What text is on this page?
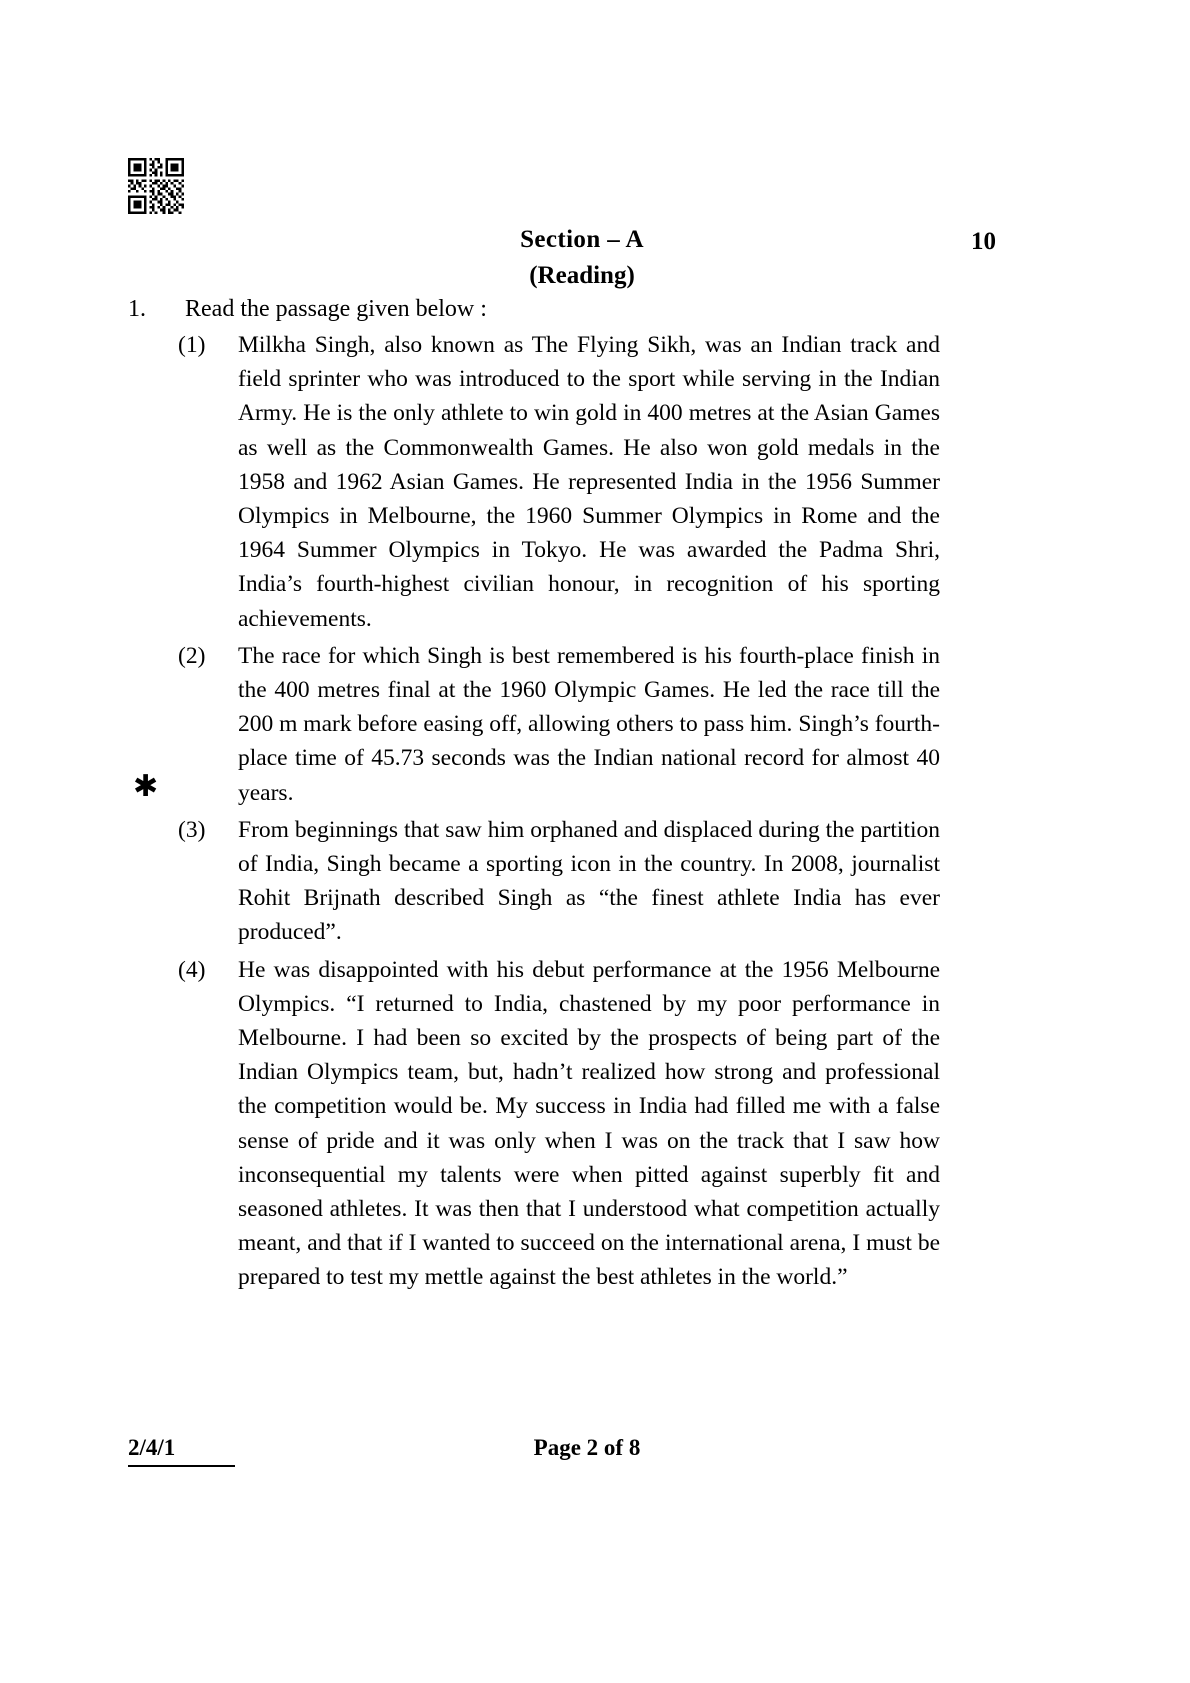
Section – A
(Reading)
10
1.	Read the passage given below :
✱
(1)	Milkha Singh, also known as The Flying Sikh, was an Indian track and field sprinter who was introduced to the sport while serving in the Indian Army. He is the only athlete to win gold in 400 metres at the Asian Games as well as the Commonwealth Games. He also won gold medals in the 1958 and 1962 Asian Games. He represented India in the 1956 Summer Olympics in Melbourne, the 1960 Summer Olympics in Rome and the 1964 Summer Olympics in Tokyo. He was awarded the Padma Shri, India’s fourth-highest civilian honour, in recognition of his sporting achievements.
(2)	The race for which Singh is best remembered is his fourth-place finish in the 400 metres final at the 1960 Olympic Games. He led the race till the 200 m mark before easing off, allowing others to pass him. Singh’s fourth-place time of 45.73 seconds was the Indian national record for almost 40 years.
(3)	From beginnings that saw him orphaned and displaced during the partition of India, Singh became a sporting icon in the country. In 2008, journalist Rohit Brijnath described Singh as “the finest athlete India has ever produced”.
(4)	He was disappointed with his debut performance at the 1956 Melbourne Olympics. “I returned to India, chastened by my poor performance in Melbourne. I had been so excited by the prospects of being part of the Indian Olympics team, but, hadn’t realized how strong and professional the competition would be. My success in India had filled me with a false sense of pride and it was only when I was on the track that I saw how inconsequential my talents were when pitted against superbly fit and seasoned athletes. It was then that I understood what competition actually meant, and that if I wanted to succeed on the international arena, I must be prepared to test my mettle against the best athletes in the world.”
2/4/1	Page 2 of 8
